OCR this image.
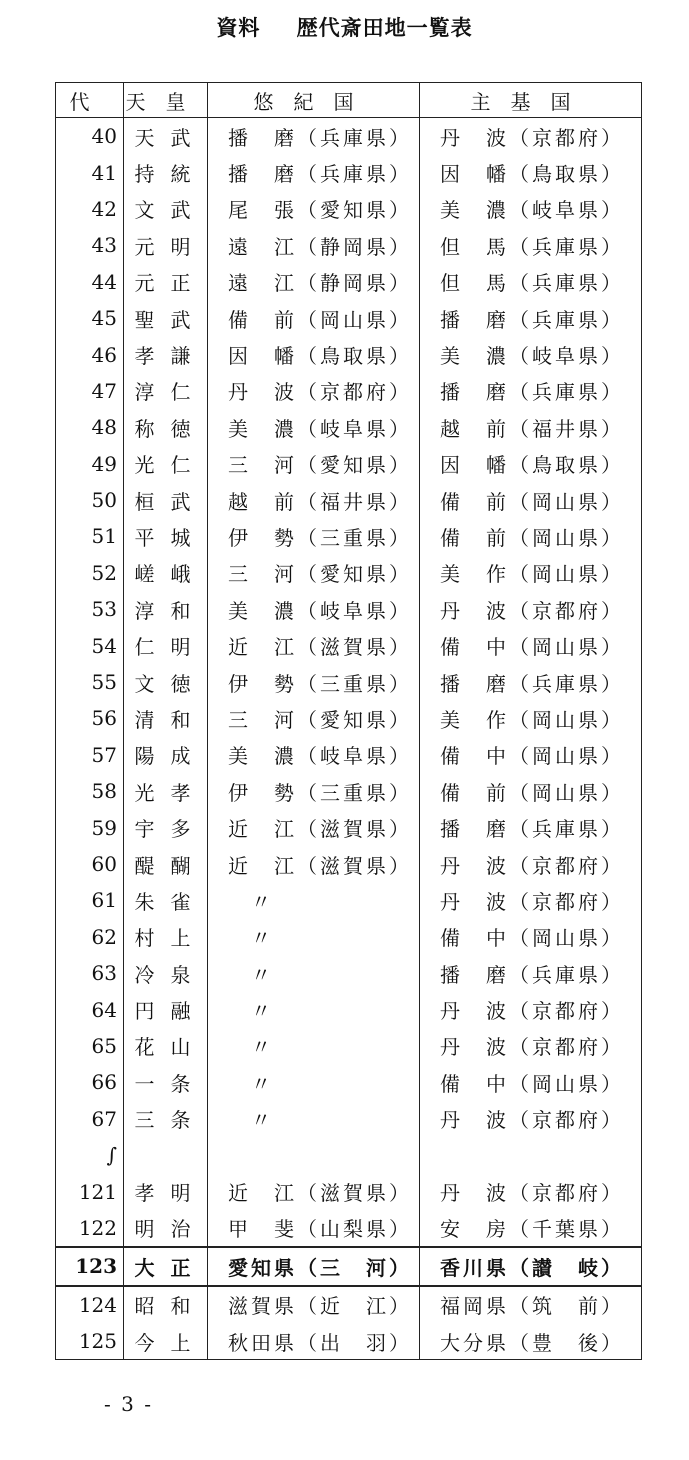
資料 歴代斎田地一覧表
代	天皇	悠紀国	主基国
40	天武	播　磨（兵庫県）	丹　波（京都府）
41	持統	播　磨（兵庫県）	因　幡（鳥取県）
42	文武	尾　張（愛知県）	美　濃（岐阜県）
43	元明	遠　江（静岡県）	但　馬（兵庫県）
44	元正	遠　江（静岡県）	但　馬（兵庫県）
45	聖武	備　前（岡山県）	播　磨（兵庫県）
46	孝謙	因　幡（鳥取県）	美　濃（岐阜県）
47	淳仁	丹　波（京都府）	播　磨（兵庫県）
48	称徳	美　濃（岐阜県）	越　前（福井県）
49	光仁	三　河（愛知県）	因　幡（鳥取県）
50	桓武	越　前（福井県）	備　前（岡山県）
51	平城	伊　勢（三重県）	備　前（岡山県）
52	嵯峨	三　河（愛知県）	美　作（岡山県）
53	淳和	美　濃（岐阜県）	丹　波（京都府）
54	仁明	近　江（滋賀県）	備　中（岡山県）
55	文徳	伊　勢（三重県）	播　磨（兵庫県）
56	清和	三　河（愛知県）	美　作（岡山県）
57	陽成	美　濃（岐阜県）	備　中（岡山県）
58	光孝	伊　勢（三重県）	備　前（岡山県）
59	宇多	近　江（滋賀県）	播　磨（兵庫県）
60	醍醐	近　江（滋賀県）	丹　波（京都府）
61	朱雀	　〃	丹　波（京都府）
62	村上	　〃	備　中（岡山県）
63	冷泉	　〃	播　磨（兵庫県）
64	円融	　〃	丹　波（京都府）
65	花山	　〃	丹　波（京都府）
66	一条	　〃	備　中（岡山県）
67	三条	　〃	丹　波（京都府）
∫			
121	孝明	近　江（滋賀県）	丹　波（京都府）
122	明治	甲　斐（山梨県）	安　房（千葉県）
123	大正	愛知県（三　河）	香川県（讃　岐）
124	昭和	滋賀県（近　江）	福岡県（筑　前）
125	今上	秋田県（出　羽）	大分県（豊　後）
- 3 -
